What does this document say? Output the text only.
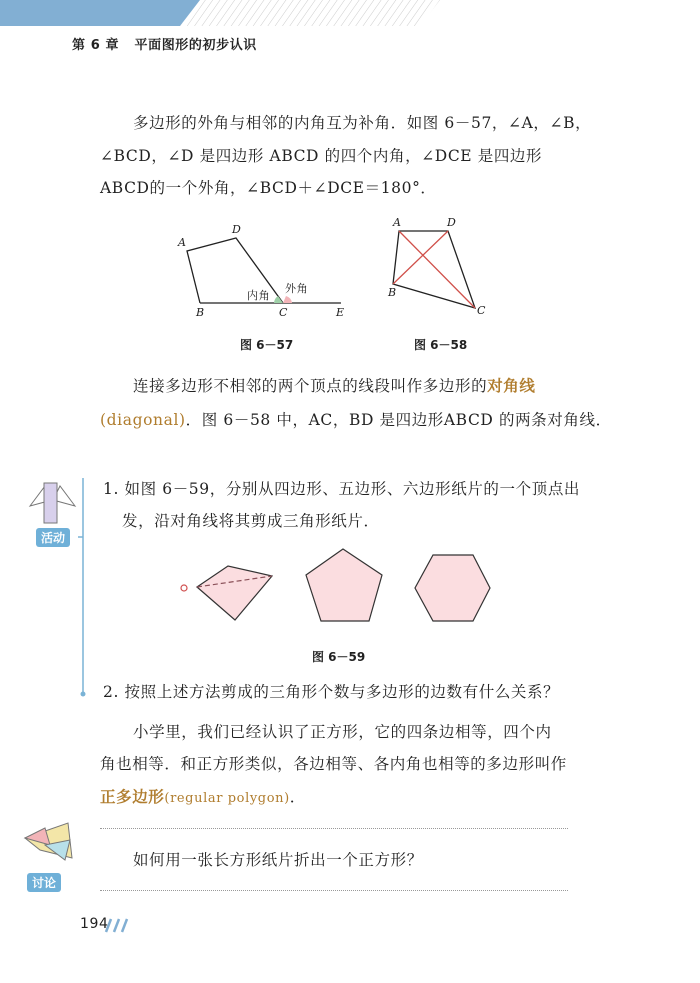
第 6 章 平面图形的初步认识
多边形的外角与相邻的内角互为补角．如图 6－57，∠A，∠B，
∠BCD，∠D 是四边形 ABCD 的四个内角，∠DCE 是四边形
ABCD的一个外角，∠BCD＋∠DCE＝180°．
A
D
B	C	E
内角
外角
图 6－57
A	D
B
C
图 6－58
连接多边形不相邻的两个顶点的线段叫作多边形的对角线
(diagonal)．图 6－58 中，AC，BD 是四边形ABCD 的两条对角线．
活动
1. 如图 6－59，分别从四边形、五边形、六边形纸片的一个顶点出
发，沿对角线将其剪成三角形纸片．
图 6－59
2. 按照上述方法剪成的三角形个数与多边形的边数有什么关系？
小学里，我们已经认识了正方形，它的四条边相等，四个内
角也相等．和正方形类似，各边相等、各内角也相等的多边形叫作
正多边形(regular polygon)．
如何用一张长方形纸片折出一个正方形？
讨论
194
